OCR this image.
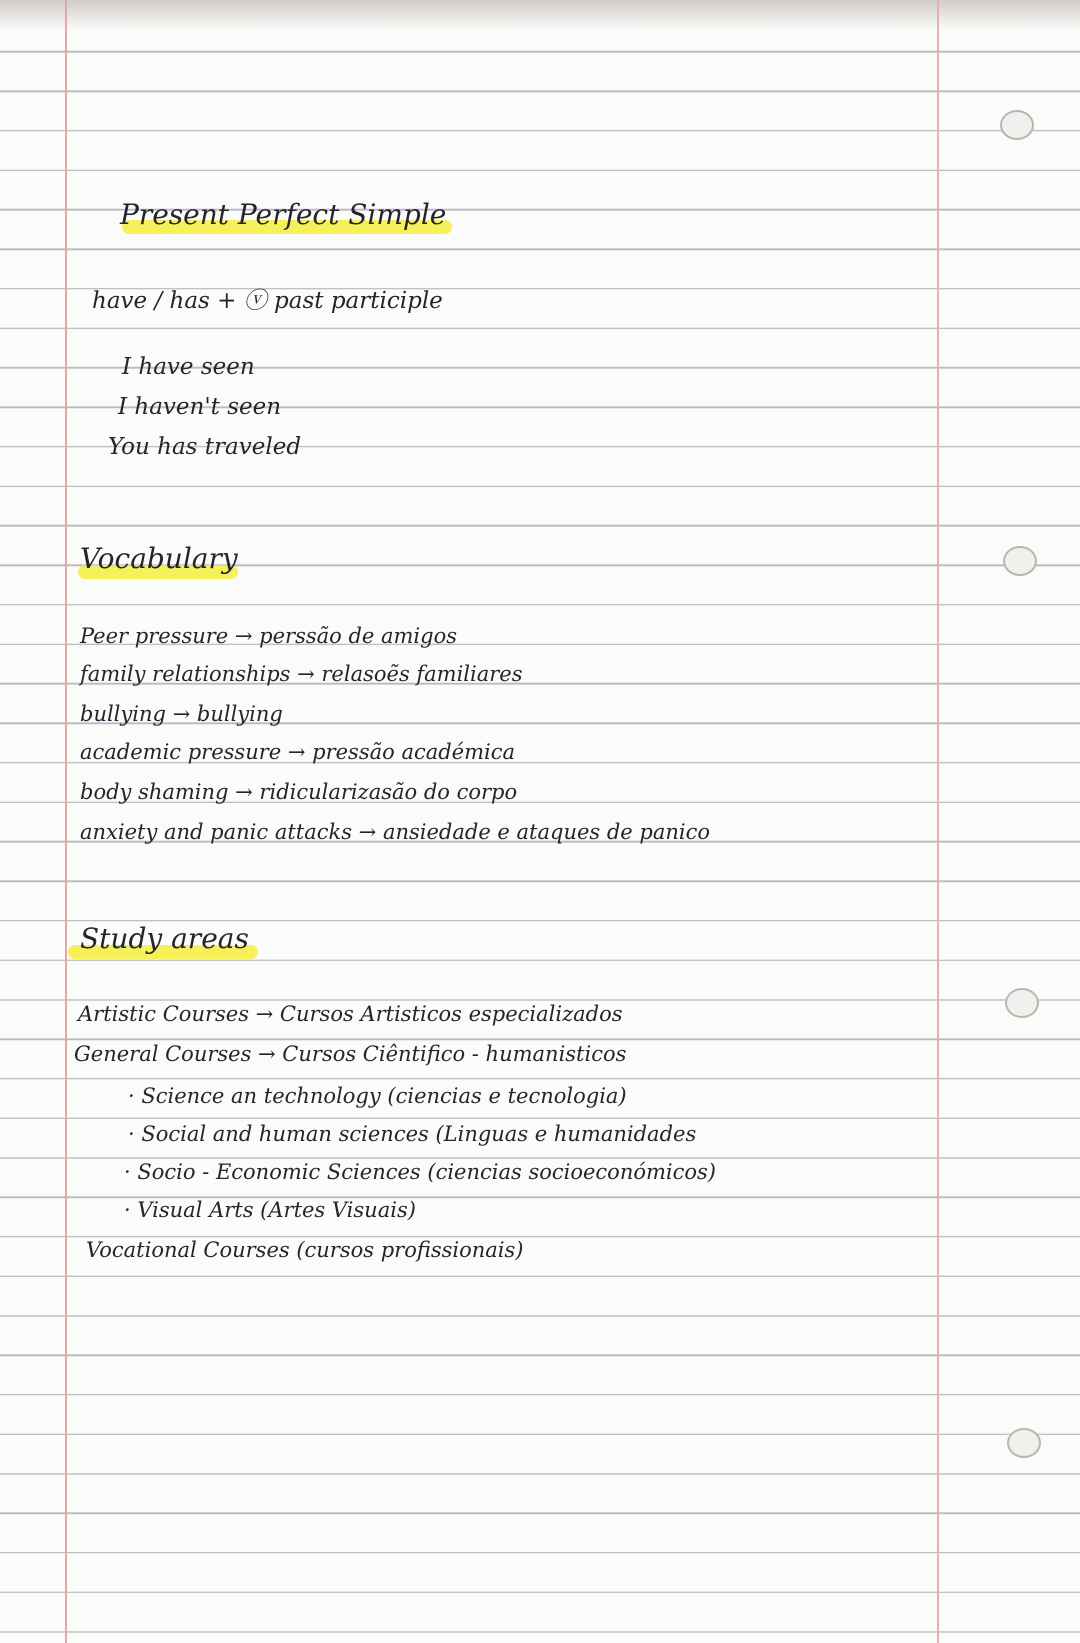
Present Perfect Simple
have / has + ⓥ past participle
I have seen
I haven't seen
You has traveled
Vocabulary
Peer pressure → perssão de amigos
family relationships → relasoẽs familiares
bullying → bullying
academic pressure → pressão académica
body shaming → ridicularizasão do corpo
anxiety and panic attacks → ansiedade e ataques de panico
Study areas
Artistic Courses → Cursos Artisticos especializados
General Courses → Cursos Ciêntifico - humanisticos
· Science an technology (ciencias e tecnologia)
· Social and human sciences (Linguas e humanidades
· Socio - Economic Sciences (ciencias socioeconómicos)
· Visual Arts (Artes Visuais)
Vocational Courses (cursos profissionais)
